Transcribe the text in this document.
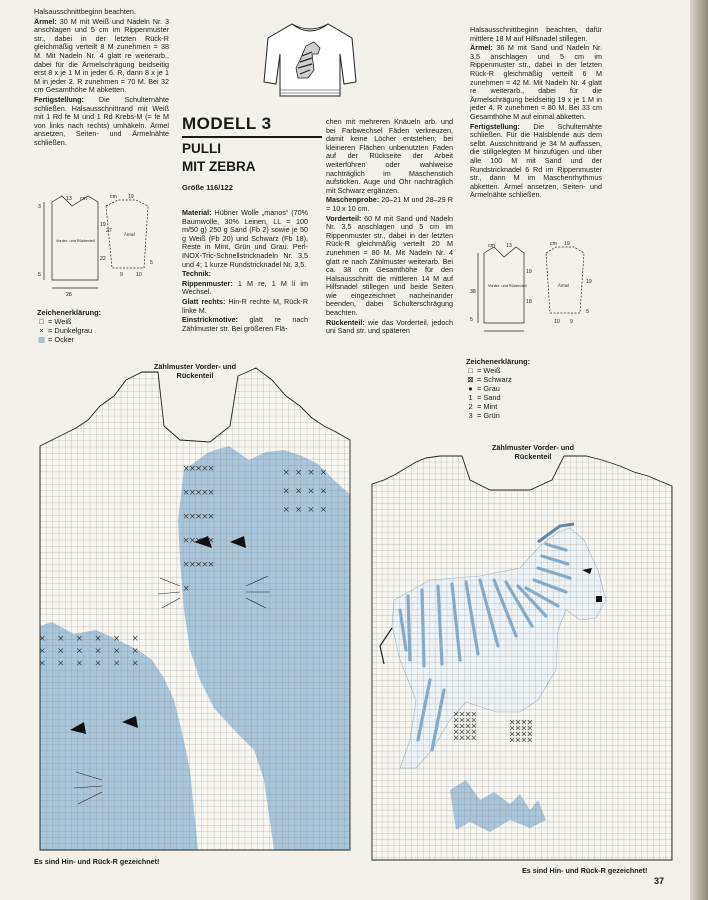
Halsausschnittbeginn beachten.

Ärmel: 30 M mit Weiß und Nadeln Nr. 3 anschlagen und 5 cm im Rippenmuster str., dabei in der letzten Rück-R gleichmäßig verteilt 8 M zunehmen = 38 M. Mit Nadeln Nr. 4 glatt re weiterarb., dabei für die Ärmelschrägung beidseitig erst 8 x je 1 M in jeder 6. R, dann 8 x je 1 M in jeder 2. R zunehmen = 70 M. Bei 32 cm Gesamthöhe M abketten.

Fertigstellung: Die Schulternähte schließen. Halsausschnittrand mit Weiß mit 1 Rd fe M und 1 Rd Krebs-M (= fe M von links nach rechts) umhäkeln. Ärmel ansetzen, Seiten- und Ärmelnähte schließen.

MODELL 3
PULLI
MIT ZEBRA
Größe 116/122

Material: Hübner Wolle „manos“ (70% Baumwolle, 30% Leinen, LL = 100 m/50 g) 250 g Sand (Fb 2) sowie je 50 g Weiß (Fb 20) und Schwarz (Fb 18), Reste in Mint, Grün und Grau. Perl-INOX-Tric-Schnellstricknadeln Nr. 3,5 und 4; 1 kurze Rundstricknadel Nr. 3,5.

Technik:

Rippenmuster: 1 M re, 1 M li im Wechsel.

Glatt rechts: Hin-R rechte M, Rück-R linke M.

Einstrickmotive: glatt re nach Zählmuster str. Bei größeren Flä-

chen mit mehreren Knäueln arb. und bei Farbwechsel Fäden verkreuzen, damit keine Löcher entstehen; bei kleineren Flächen unbenutzten Faden auf der Rückseite der Arbeit weiterführen oder wahlweise nachträglich im Maschenstich aufsticken. Auge und Ohr nachträglich mit Schwarz ergänzen.

Maschenprobe: 20–21 M und 28–29 R = 10 x 10 cm.

Vorderteil: 60 M mit Sand und Nadeln Nr. 3,5 anschlagen und 5 cm im Rippenmuster str., dabei in der letzten Rück-R gleichmäßig verteilt 20 M zunehmen = 80 M. Mit Nadeln Nr. 4 glatt re nach Zählmuster weiterarb. Bei ca. 38 cm Gesamthöhe für den Halsausschnitt die mittleren 14 M auf Hilfsnadel stillegen und beide Seiten wie eingezeichnet nacheinander beenden, dabei Schulterschrägung beachten.

Rückenteil: wie das Vorderteil, jedoch uni Sand str. und späteren

Halsausschnittbeginn beachten, dafür mittlere 18 M auf Hilfsnadel stillegen.

Ärmel: 36 M mit Sand und Nadeln Nr. 3,5 anschlagen und 5 cm im Rippenmuster str., dabei in der letzten Rück-R gleichmäßig verteilt 6 M zunehmen = 42 M. Mit Nadeln Nr. 4 glatt re weiterarb., dabei für die Ärmelschrägung beidseitig 19 x je 1 M in jeder 4. R zunehmen = 80 M. Bei 33 cm Gesamthöhe M auf einmal abketten.

Fertigstellung: Die Schulternähte schließen. Für die Halsblende aus dem selbt. Ausschnittrand je 34 M auffassen, die stillgelegten M hinzufügen und über alle 100 M mit Sand und der Rundstricknadel 6 Rd im Rippenmuster str., dann M im Maschenrhythmus abketten. Ärmel ansetzen, Seiten- und Ärmelnähte schließen.

cm
13
19
22
3
28
5
Vorder- und Rückenteil
cm 19
27
9	10
5
Ärmel
cm 13
19
18
38
5
Vorder- und Rückenteil
cm 19
19
10 9
5
Ärmel
Zeichenerklärung:
□ = Weiß
× = Dunkelgrau
▦ = Ocker
Zeichenerklärung:
□ = Weiß
⊠ = Schwarz
● = Grau
1 = Sand
2 = Mint
3 = Grün
Zählmuster Vorder- und Rückenteil
Zählmuster Vorder- und Rückenteil
Es sind Hin- und Rück-R gezeichnet!
Es sind Hin- und Rück-R gezeichnet!
37
